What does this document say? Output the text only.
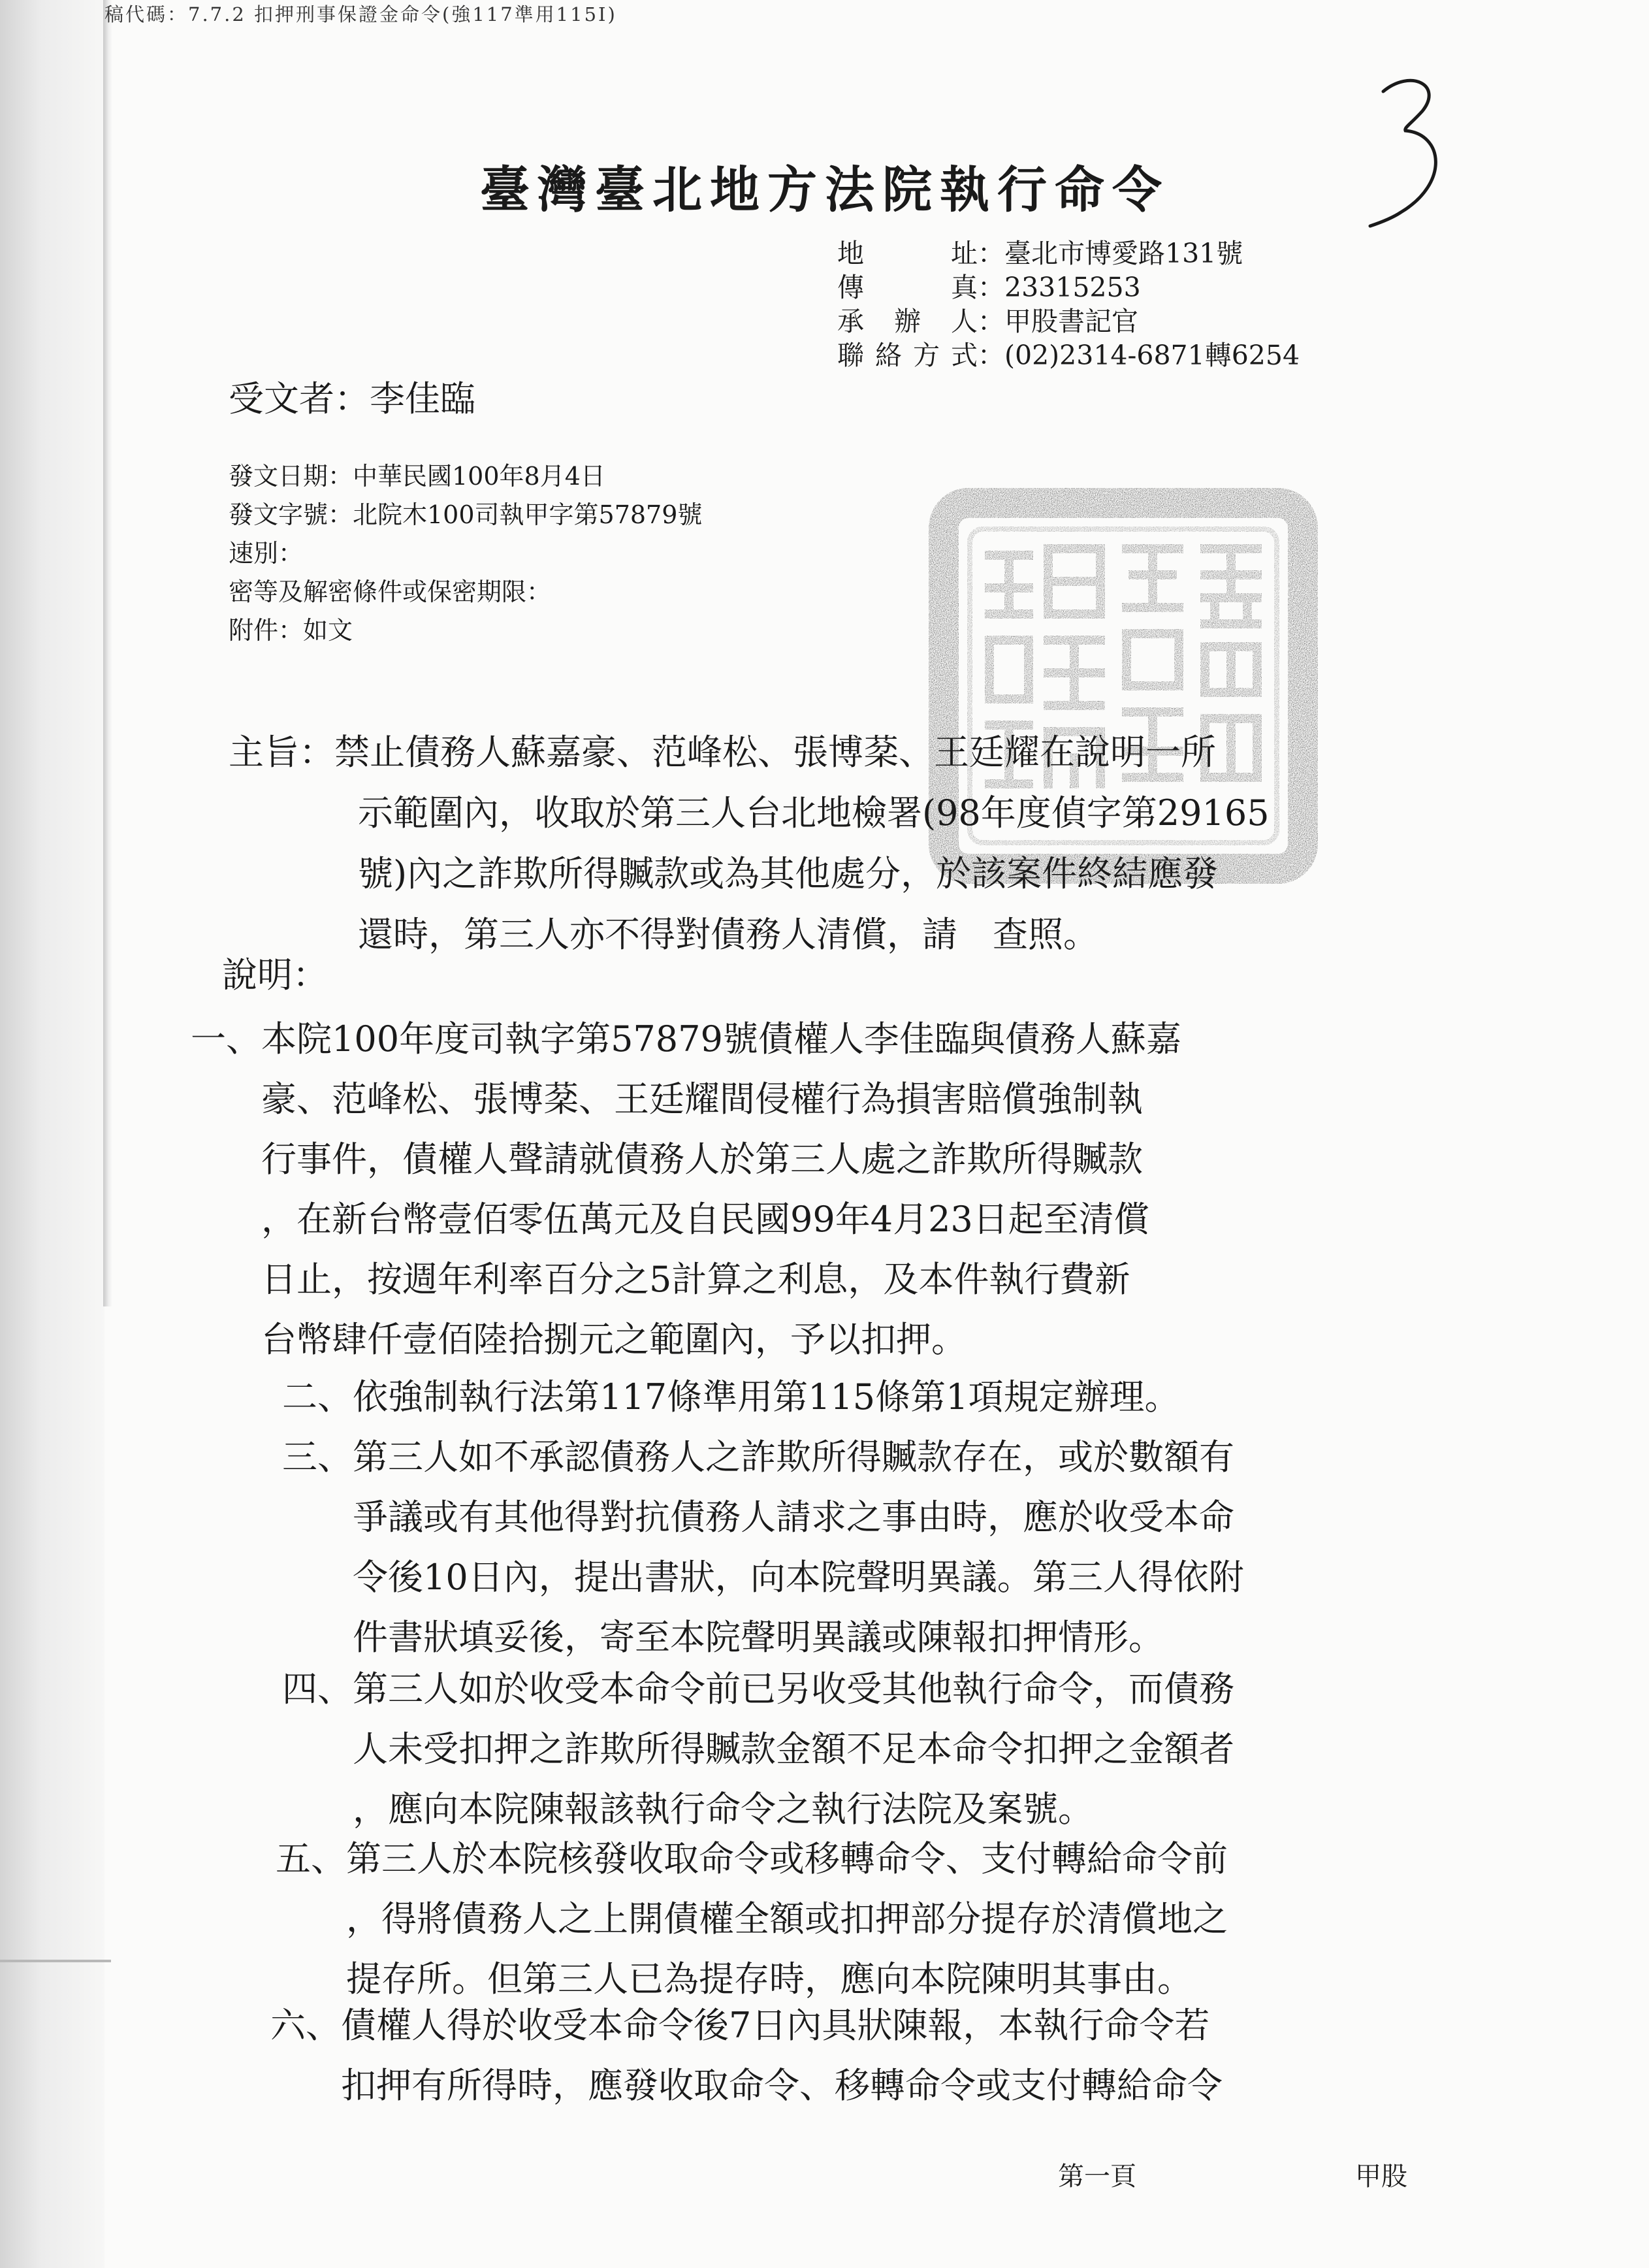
稿代碼：7.7.2 扣押刑事保證金命令(強117準用115Ⅰ)
臺灣臺北地方法院執行命令
地　址：臺北市博愛路131號
傳　真：23315253
承辦人：甲股書記官
聯絡方式：(02)2314-6871轉6254
受文者：李佳臨
發文日期：中華民國100年8月4日
發文字號：北院木100司執甲字第57879號
速別：
密等及解密條件或保密期限：
附件：如文
主旨：禁止債務人蘇嘉豪、范峰松、張博棻、王廷耀在說明一所
示範圍內，收取於第三人台北地檢署(98年度偵字第29165
號)內之詐欺所得贓款或為其他處分，於該案件終結應發
還時，第三人亦不得對債務人清償，請　查照。
說明：
一、 本院100年度司執字第57879號債權人李佳臨與債務人蘇嘉
豪、范峰松、張博棻、王廷耀間侵權行為損害賠償強制執
行事件，債權人聲請就債務人於第三人處之詐欺所得贓款
，在新台幣壹佰零伍萬元及自民國99年4月23日起至清償
日止，按週年利率百分之5計算之利息，及本件執行費新
台幣肆仟壹佰陸拾捌元之範圍內，予以扣押。
二、 依強制執行法第117條準用第115條第1項規定辦理。
三、 第三人如不承認債務人之詐欺所得贓款存在，或於數額有
爭議或有其他得對抗債務人請求之事由時，應於收受本命
令後10日內，提出書狀，向本院聲明異議。第三人得依附
件書狀填妥後，寄至本院聲明異議或陳報扣押情形。
四、 第三人如於收受本命令前已另收受其他執行命令，而債務
人未受扣押之詐欺所得贓款金額不足本命令扣押之金額者
，應向本院陳報該執行命令之執行法院及案號。
五、 第三人於本院核發收取命令或移轉命令、支付轉給命令前
，得將債務人之上開債權全額或扣押部分提存於清償地之
提存所。但第三人已為提存時，應向本院陳明其事由。
六、 債權人得於收受本命令後7日內具狀陳報，本執行命令若
扣押有所得時，應發收取命令、移轉命令或支付轉給命令
第一頁	甲股
